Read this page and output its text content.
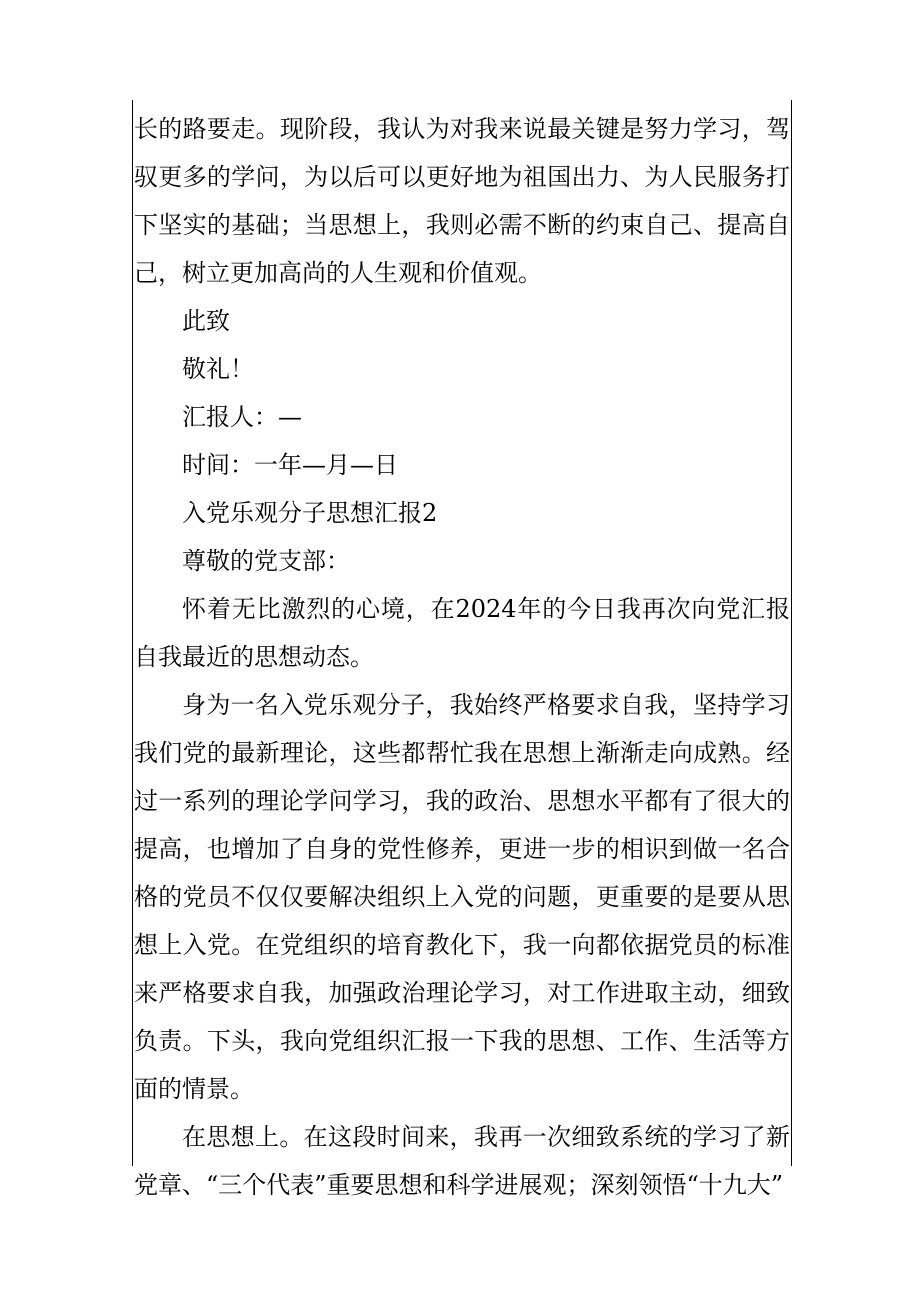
长的路要走。现阶段，我认为对我来说最关键是努力学习，驾驭更多的学问，为以后可以更好地为祖国出力、为人民服务打下坚实的基础；当思想上，我则必需不断的约束自己、提高自己，树立更加高尚的人生观和价值观。

此致

敬礼！

汇报人：—

时间：一年—月—日

入党乐观分子思想汇报2

尊敬的党支部：

怀着无比激烈的心境，在2024年的今日我再次向党汇报自我最近的思想动态。

身为一名入党乐观分子，我始终严格要求自我，坚持学习我们党的最新理论，这些都帮忙我在思想上渐渐走向成熟。经过一系列的理论学问学习，我的政治、思想水平都有了很大的提高，也增加了自身的党性修养，更进一步的相识到做一名合格的党员不仅仅要解决组织上入党的问题，更重要的是要从思想上入党。在党组织的培育教化下，我一向都依据党员的标准来严格要求自我，加强政治理论学习，对工作进取主动，细致负责。下头，我向党组织汇报一下我的思想、工作、生活等方面的情景。

在思想上。在这段时间来，我再一次细致系统的学习了新党章、“三个代表”重要思想和科学进展观；深刻领悟“十九大”
